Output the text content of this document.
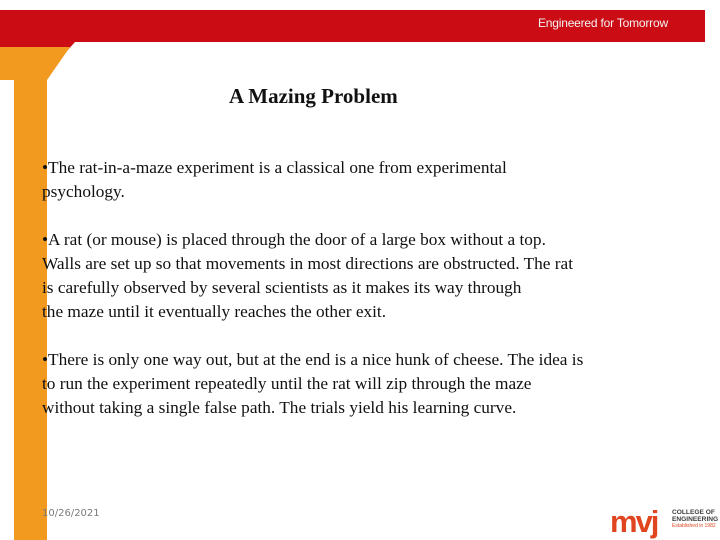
Engineered for Tomorrow
A Mazing Problem

•The rat-in-a-maze experiment is a classical one from experimental
psychology.

•A rat (or mouse) is placed through the door of a large box without a top.
Walls are set up so that movements in most directions are obstructed. The rat
is carefully observed by several scientists as it makes its way through
the maze until it eventually reaches the other exit.

•There is only one way out, but at the end is a nice hunk of cheese. The idea is
to run the experiment repeatedly until the rat will zip through the maze
without taking a single false path. The trials yield his learning curve.

10/26/2021	mvj COLLEGE OF
ENGINEERING
Established in 1982
